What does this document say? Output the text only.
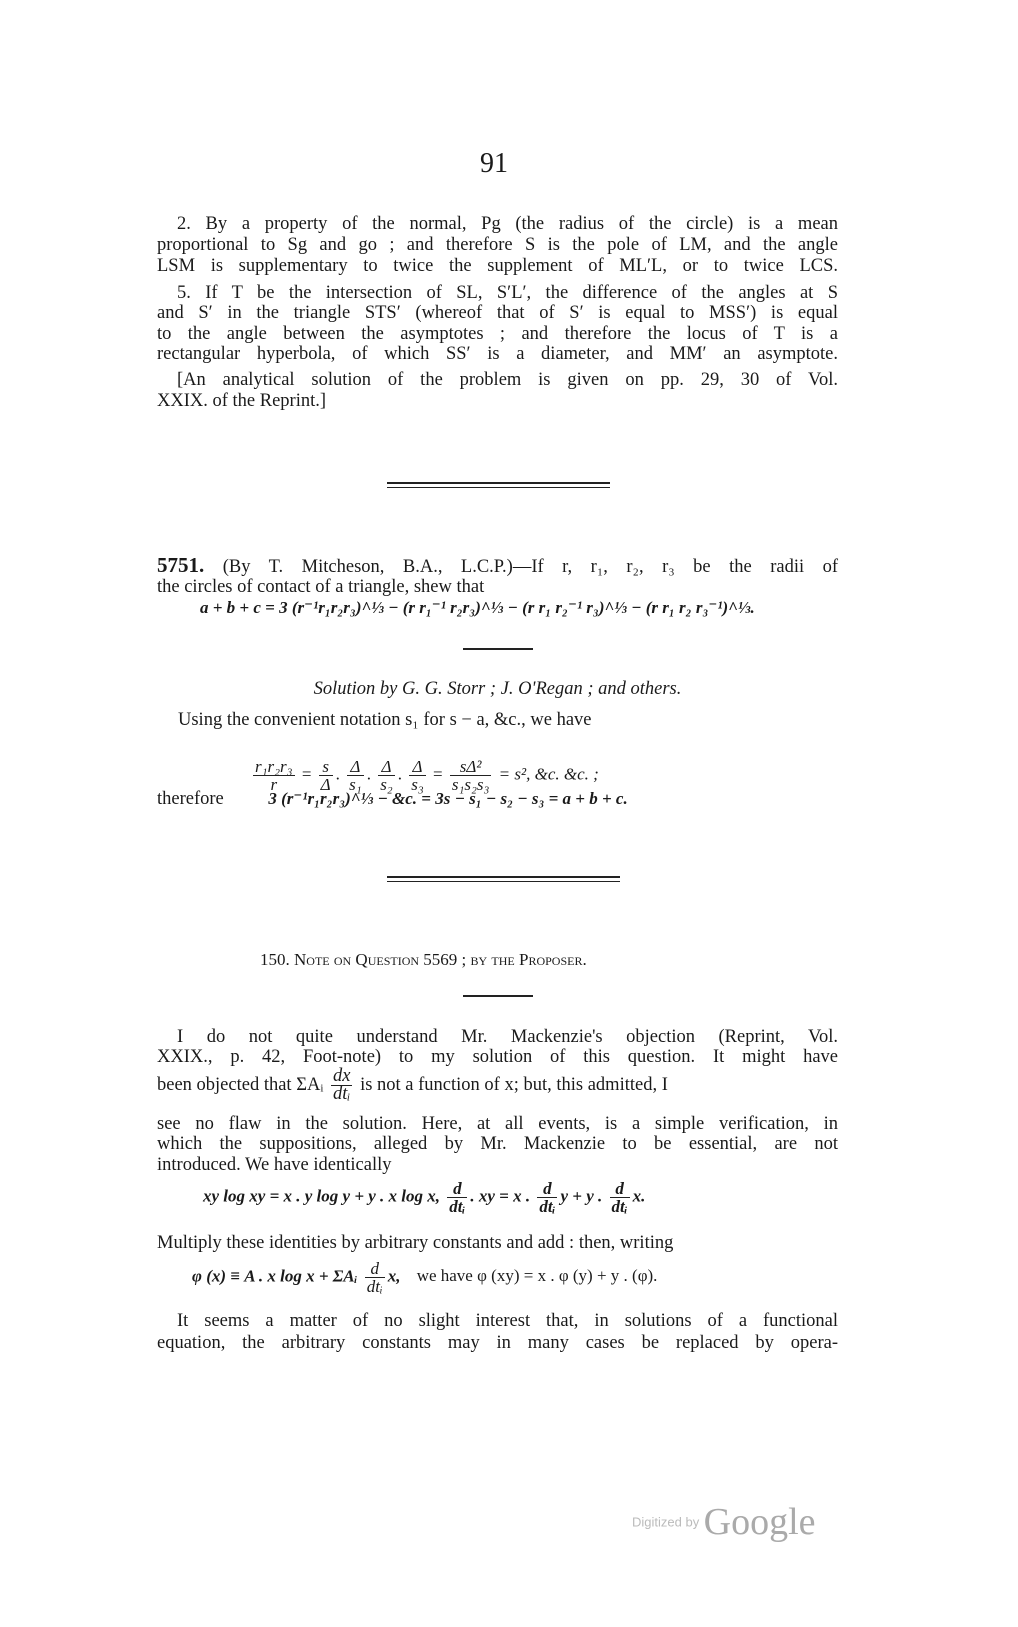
91
2. By a property of the normal, Pg (the radius of the circle) is a mean
proportional to Sg and go ; and therefore S is the pole of LM, and the angle
LSM is supplementary to twice the supplement of ML′L, or to twice LCS.
5. If T be the intersection of SL, S′L′, the difference of the angles at S
and S′ in the triangle STS′ (whereof that of S′ is equal to MSS′) is equal
to the angle between the asymptotes ; and therefore the locus of T is a
rectangular hyperbola, of which SS′ is a diameter, and MM′ an asymptote.
[An analytical solution of the problem is given on pp. 29, 30 of Vol.
XXIX. of the Reprint.]
5751. (By T. Mitcheson, B.A., L.C.P.)—If r, r₁, r₂, r₃ be the radii of
the circles of contact of a triangle, shew that
a + b + c = 3 (r⁻¹r₁r₂r₃)^⅓ − (r r₁⁻¹ r₂r₃)^⅓ − (r r₁ r₂⁻¹ r₃)^⅓ − (r r₁ r₂ r₃⁻¹)^⅓.
Solution by G. G. Storr ; J. O'Regan ; and others.
Using the convenient notation s₁ for s − a, &c., we have
$\frac{\text{r₁r₂r₃}}{r} = \frac{s}{\Delta}$ . $\frac{\Delta}{\text{s₁}}$ . $\frac{\Delta}{\text{s₂}}$ . $\frac{\Delta}{\text{s₃}} = \frac{\text{sΔ²}}{\text{s₁s₂s₃}} = s^2$, &c. &c. ;
therefore	3 (r⁻¹r₁r₂r₃)^⅓ − &c. = 3s − s₁ − s₂ − s₃ = a + b + c.
150. Note on Question 5569 ; by the Proposer.
I do not quite understand Mr. Mackenzie's objection (Reprint, Vol.
XXIX., p. 42, Foot-note) to my solution of this question. It might have
been objected that ΣAᵢ $\frac{dx}{\text{dtᵢ}}$ is not a function of x; but, this admitted, I
see no flaw in the solution. Here, at all events, is a simple verification, in
which the suppositions, alleged by Mr. Mackenzie to be essential, are not
introduced. We have identically
xy log xy = x . y log y + y . x log x, $\frac{d}{\text{dtᵢ}}$ . xy = x . $\frac{d}{\text{dtᵢ}}$ y + y . $\frac{d}{\text{dtᵢ}} x$.
Multiply these identities by arbitrary constants and add : then, writing
φ (x) ≡ A . x log x + ΣAᵢ $\frac{d}{\text{dtᵢ}} x$, we have φ (xy) = x . φ (y) + y . (φ).
It seems a matter of no slight interest that, in solutions of a functional
equation, the arbitrary constants may in many cases be replaced by opera-
Digitized by Google
